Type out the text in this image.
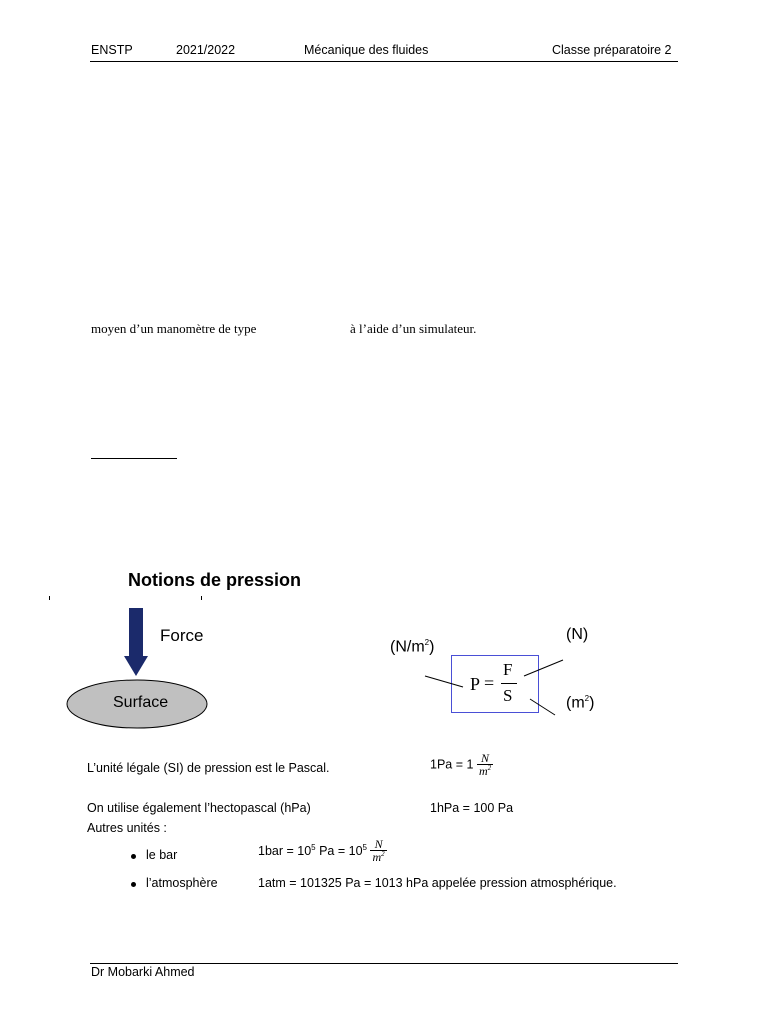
ENSTP	2021/2022	Mécanique des fluides	Classe préparatoire 2
moyen d’un manomètre de type	à l’aide d’un simulateur.
Notions de pression
Force
Surface
$(N/m^2)$
(N)
$(m^2)$
P =
F
S
L’unité légale (SI) de pression est le Pascal.	$1Pa = 1 \frac{N}{m^2}$
On utilise également l’hectopascal (hPa)	1hPa = 100 Pa
Autres unités :
le bar	$1bar = 10^5$ $Pa = 10^5 \frac{N}{m^2}$
l’atmosphère	1atm = 101325 Pa = 1013 hPa appelée pression atmosphérique.
Dr Mobarki Ahmed
